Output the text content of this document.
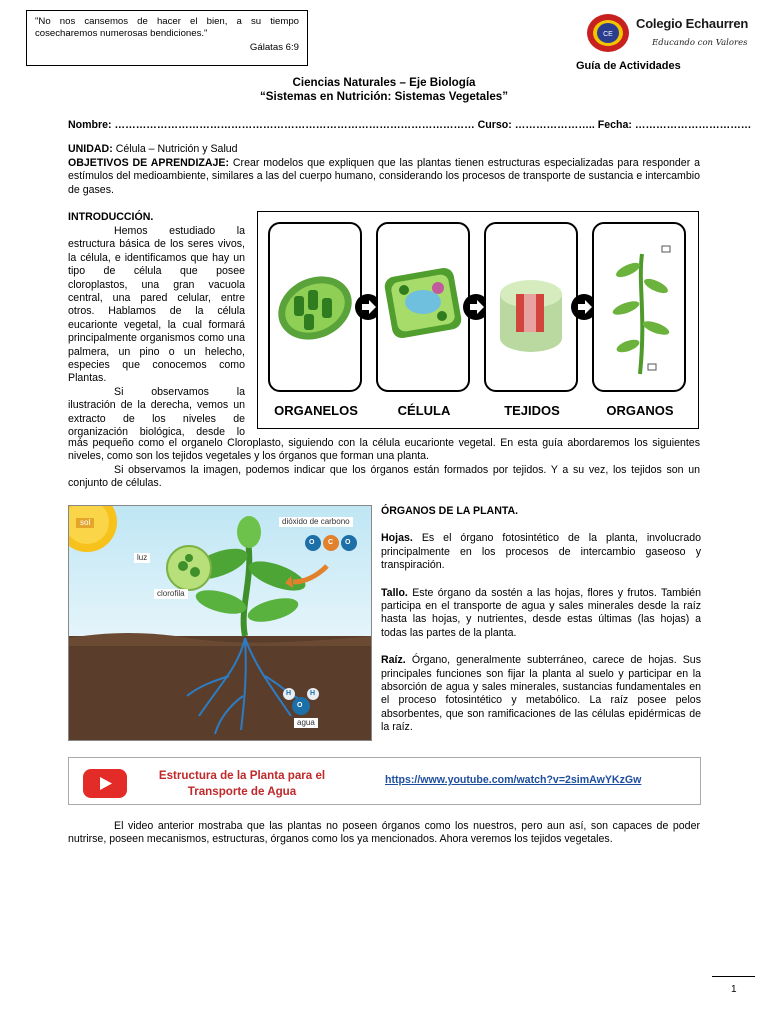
"No nos cansemos de hacer el bien, a su tiempo cosecharemos numerosas bendiciones."

Gálatas 6:9

CE
Colegio Echaurren
Educando con Valores
Guía de Actividades
Ciencias Naturales – Eje Biología
“Sistemas en Nutrición: Sistemas Vegetales”
Nombre: ………………………………………………………………………………………… Curso: ………………….. Fecha: ……………………………
UNIDAD: Célula – Nutrición y Salud

OBJETIVOS DE APRENDIZAJE: Crear modelos que expliquen que las plantas tienen estructuras especializadas para responder a estímulos del medioambiente, similares a las del cuerpo humano, considerando los procesos de transporte de sustancia e intercambio de gases.

INTRODUCCIÓN.

Hemos estudiado la estructura básica de los seres vivos, la célula, e identificamos que hay un tipo de célula que posee cloroplastos, una gran vacuola central, una pared celular, entre otros. Hablamos de la célula eucarionte vegetal, la cual formará principalmente organismos como una palmera, un pino o un helecho, especies que conocemos como Plantas.

Si observamos la ilustración de la derecha, vemos un extracto de los niveles de organización biológica, desde lo

más pequeño como el organelo Cloroplasto, siguiendo con la célula eucarionte vegetal. En esta guía abordaremos los siguientes niveles, como son los tejidos vegetales y los órganos que forman una planta.

Si observamos la imagen, podemos indicar que los órganos están formados por tejidos. Y a su vez, los tejidos son un conjunto de células.

ORGANELOS	CÉLULA	TEJIDOS	ORGANOS
sol	dióxido de carbono
luz
clorofila
agua
O C O
O
H	H

ÓRGANOS DE LA PLANTA.

Hojas. Es el órgano fotosintético de la planta, involucrado principalmente en los procesos de intercambio gaseoso y transpiración.

Tallo. Este órgano da sostén a las hojas, flores y frutos. También participa en el transporte de agua y sales minerales desde la raíz hasta las hojas, y nutrientes, desde estas últimas (las hojas) a todas las partes de la planta.

Raíz. Órgano, generalmente subterráneo, carece de hojas. Sus principales funciones son fijar la planta al suelo y participar en la absorción de agua y sales minerales, sustancias fundamentales en el proceso fotosintético y metabólico. La raíz posee pelos absorbentes, que son ramificaciones de las células epidérmicas de la raíz.

Estructura de la Planta para el Transporte de Agua
https://www.youtube.com/watch?v=2simAwYKzGw

El video anterior mostraba que las plantas no poseen órganos como los nuestros, pero aun así, son capaces de poder nutrirse, poseen mecanismos, estructuras, órganos como los ya mencionados. Ahora veremos los tejidos vegetales.

1
